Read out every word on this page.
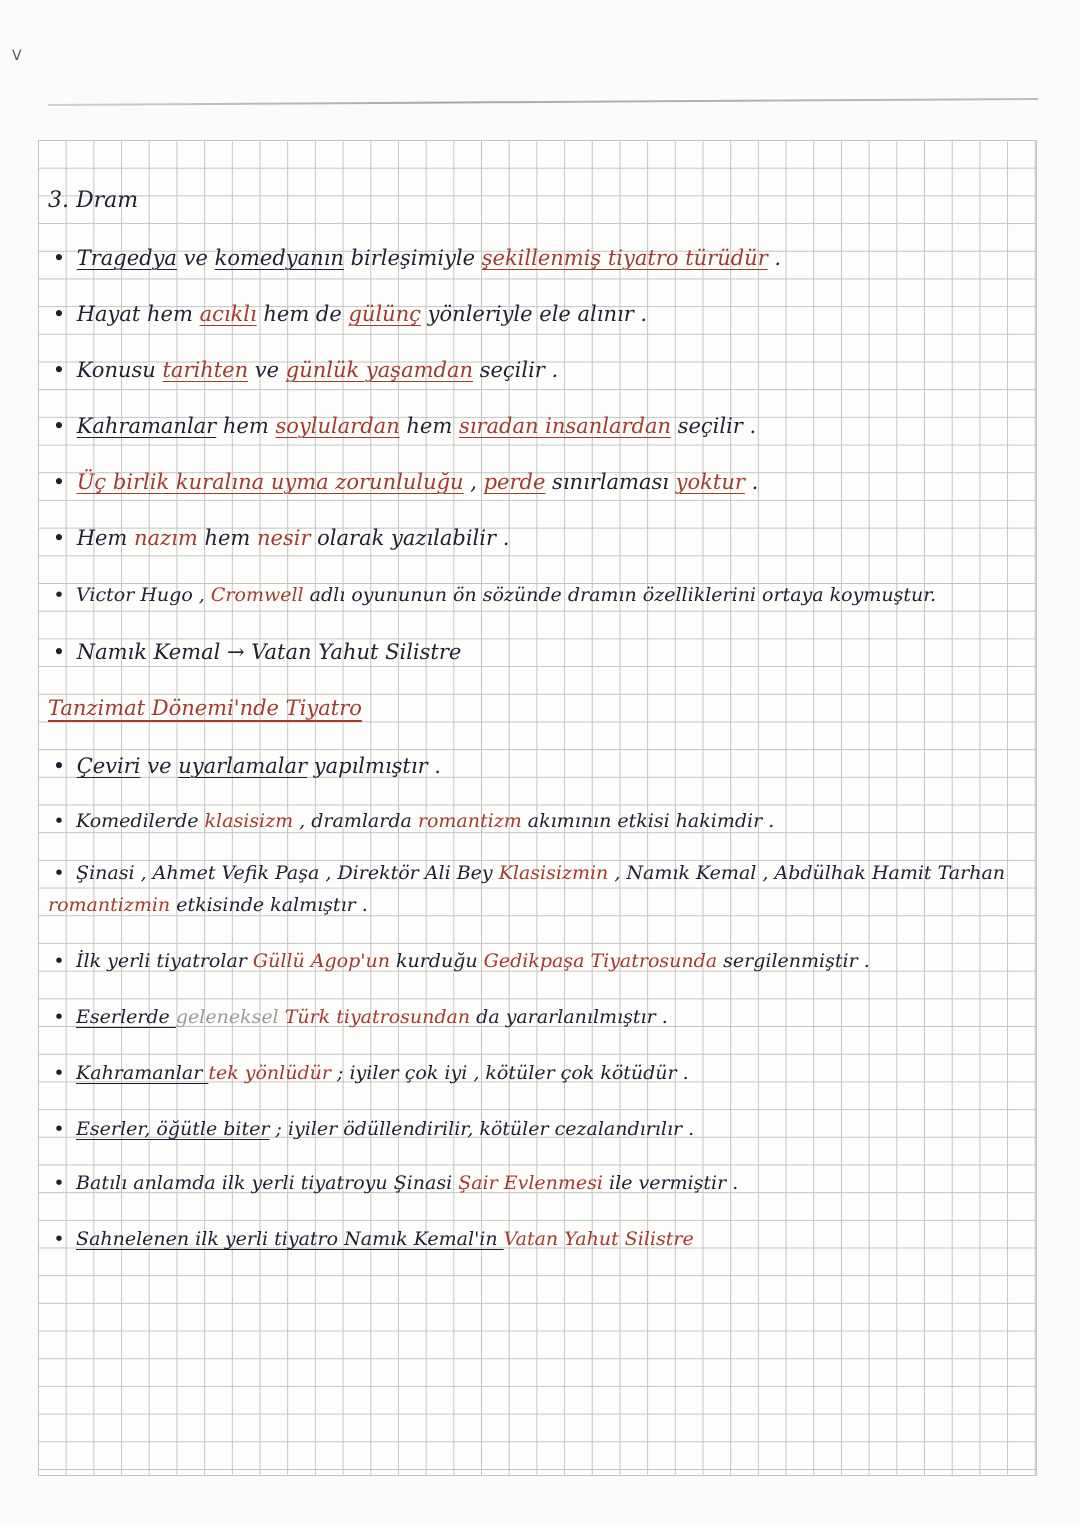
V
3. Dram
• Tragedya ve komedyanın birleşimiyle şekillenmiş tiyatro türüdür .
• Hayat hem acıklı hem de gülünç yönleriyle ele alınır .
• Konusu tarihten ve günlük yaşamdan seçilir .
• Kahramanlar hem soylulardan hem sıradan insanlardan seçilir .
• Üç birlik kuralına uyma zorunluluğu , perde sınırlaması yoktur .
• Hem nazım hem nesir olarak yazılabilir .
• Victor Hugo , Cromwell adlı oyununun ön sözünde dramın özelliklerini ortaya koymuştur.
• Namık Kemal → Vatan Yahut Silistre
Tanzimat Dönemi'nde Tiyatro
• Çeviri ve uyarlamalar yapılmıştır .
• Komedilerde klasisizm , dramlarda romantizm akımının etkisi hakimdir .
• Şinasi , Ahmet Vefik Paşa , Direktör Ali Bey Klasisizmin , Namık Kemal , Abdülhak Hamit Tarhan
romantizmin etkisinde kalmıştır .
• İlk yerli tiyatrolar Güllü Agop'un kurduğu Gedikpaşa Tiyatrosunda sergilenmiştir .
• Eserlerde geleneksel Türk tiyatrosundan da yararlanılmıştır .
• Kahramanlar tek yönlüdür ; iyiler çok iyi , kötüler çok kötüdür .
• Eserler, öğütle biter ; iyiler ödüllendirilir, kötüler cezalandırılır .
• Batılı anlamda ilk yerli tiyatroyu Şinasi Şair Evlenmesi ile vermiştir .
• Sahnelenen ilk yerli tiyatro Namık Kemal'in Vatan Yahut Silistre
